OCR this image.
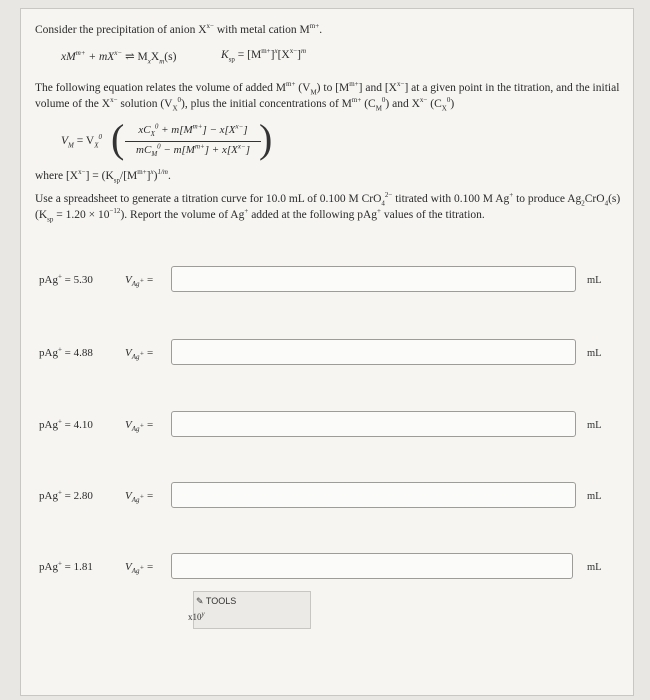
Consider the precipitation of anion $X^{x-}$ with metal cation $M^{m+}$.
$xM^{m+} + mX^{x-}$ ⇌ $M_xX_m(s)$	$K_{sp} = [M^{m+}]^x[X^{x-}]^m$
The following equation relates the volume of added $M^{m+}$ $(V_M)$ to $[M^{m+}]$ and $[X^{x-}]$ at a given point in the titration, and the initial
volume of the $X^{x-}$ solution $(V_X^0)$, plus the initial concentrations of $M^{m+}$ $(C_M^0)$ and $X^{x-}$ $(C_X^0)$
$V_M = V_X^0$ (	$xC_X^0 + m[M^{m+}] - x[X^{x-}]$
$mC_M^0 - m[M^{m+}] + x[X^{x-}]$ )
where $[X^{x-}] = (K_{sp}/[M^{m+}]^x)^{1/m}$.
Use a spreadsheet to generate a titration curve for 10.0 mL of 0.100 M CrO$_4^{2-}$ titrated with 0.100 M Ag+ to produce $Ag_2CrO_4(s)$
$(K_{sp} = 1.20 \times 10^{-12})$. Report the volume of Ag+ added at the following pAg+ values of the titration.
pAg+ = 5.30	$V_{Ag^+}$ =	mL
pAg+ = 4.88	$V_{Ag^+}$ =	mL
pAg+ = 4.10	$V_{Ag^+}$ =	mL
pAg+ = 2.80	$V_{Ag^+}$ =	mL
pAg+ = 1.81	$V_{Ag^+}$ =	mL
✎ TOOLS
x10$^y$
